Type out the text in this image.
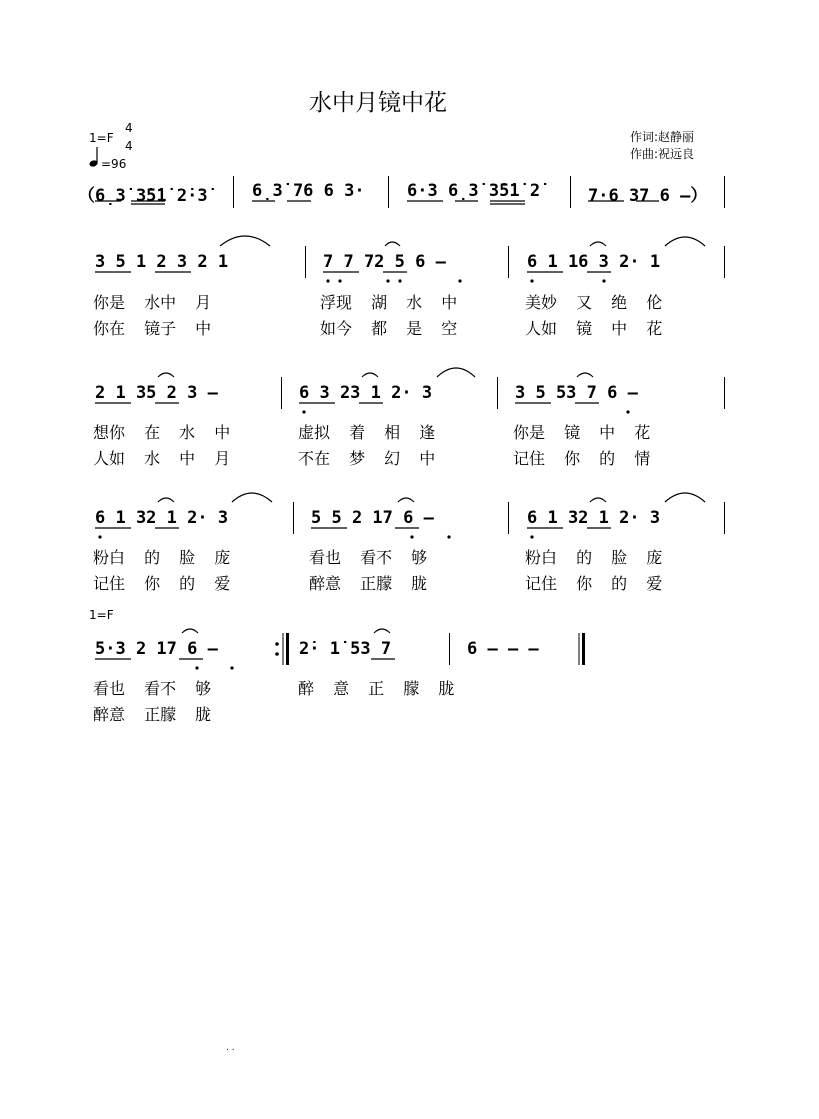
水中月镜中花
1=F
4
4
=96
作词:赵静丽
作曲:祝远良
（6̣3̇ 3̇5̇1̇ 2̇·3̇	6̣3̇ 76 6 3· 6·3 6̣3̇ 3̇5̇1̇ 2̇	7·6 37 6 —）
3 5 1 2 3 2 1	7 7 72 5 6 —	6 1 16 3 2· 1
你是 水中 月	浮现 湖 水 中	美妙 又 绝 伦
你在 镜子 中	如今 都 是 空	人如 镜 中 花
2 1 35 2 3 —	6 3 23 1 2· 3	3 5 53 7 6 —
想你 在 水 中	虚拟 着 相 逢	你是 镜 中 花
人如 水 中 月	不在 梦 幻 中	记住 你 的 情
6 1 32 1 2· 3	5 5 2 17 6 —	6 1 32 1 2· 3
粉白 的 脸 庞	看也 看不 够	粉白 的 脸 庞
记住 你 的 爱	醉意 正朦 胧	记住 你 的 爱
1=F
5·3 2 17 6 —	2̇· 1̇ 53 7	6 — — —
看也 看不 够	醉 意 正 朦 胧
醉意 正朦 胧
. .
